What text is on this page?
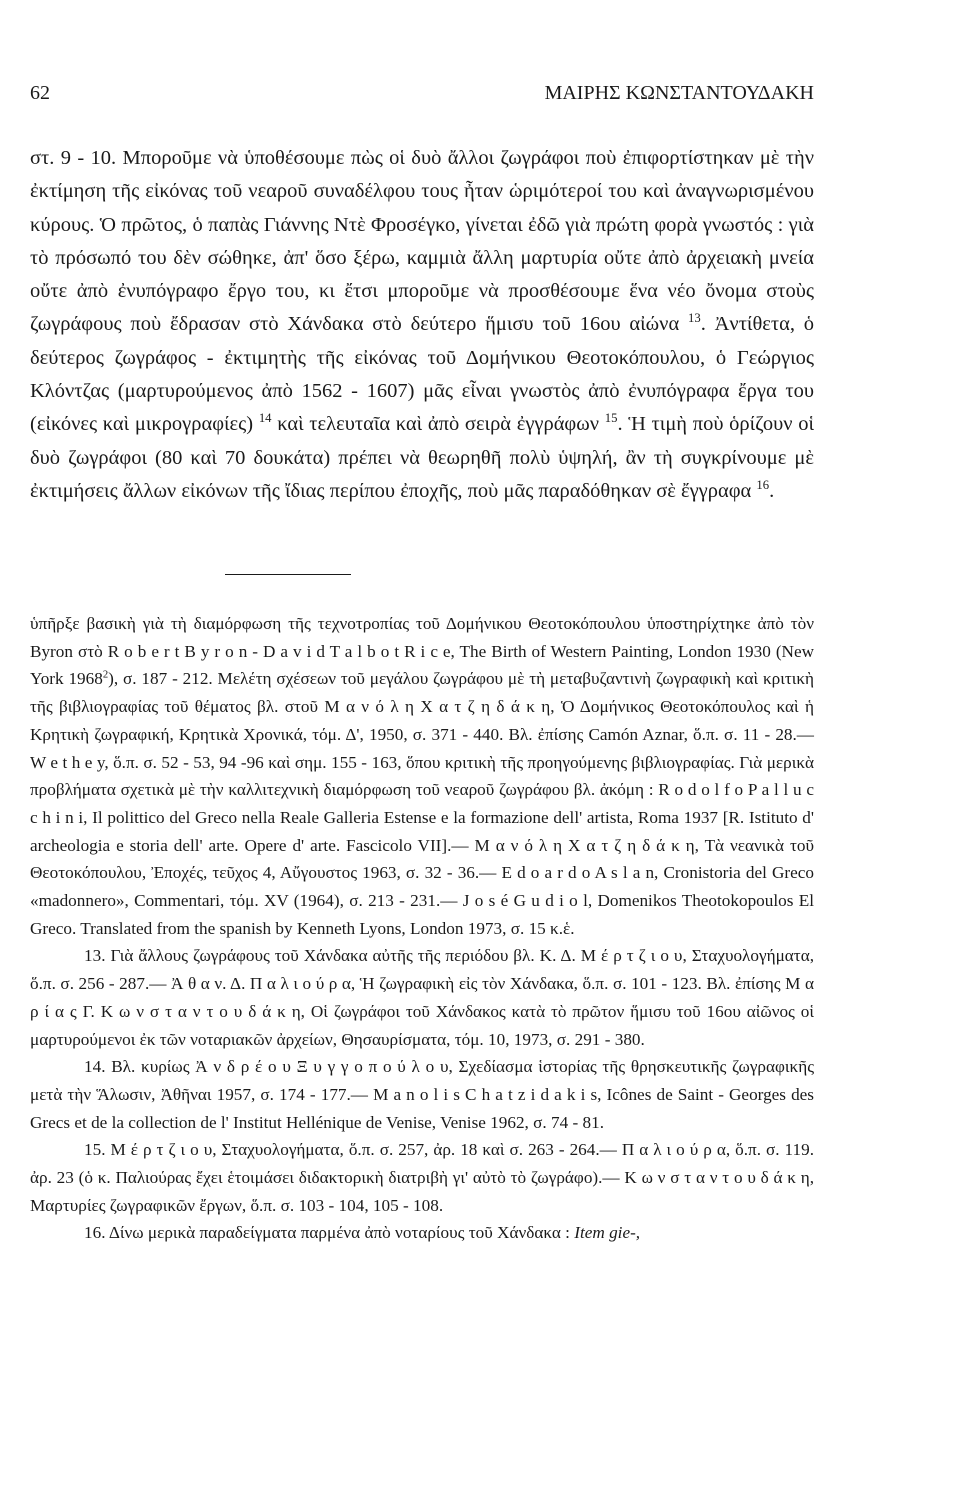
62	ΜΑΙΡΗΣ ΚΩΝΣΤΑΝΤΟΥΔΑΚΗ

στ. 9 - 10. Μποροῦμε νὰ ὑποθέσουμε πὼς οἱ δυὸ ἄλλοι ζωγράφοι ποὺ ἐπιφορτίστηκαν μὲ τὴν ἐκτίμηση τῆς εἰκόνας τοῦ νεαροῦ συναδέλφου τους ἦταν ὡριμότεροί του καὶ ἀναγνωρισμένου κύρους. Ὁ πρῶτος, ὁ παπὰς Γιάννης Ντὲ Φροσέγκο, γίνεται ἐδῶ γιὰ πρώτη φορὰ γνωστός : γιὰ τὸ πρόσωπό του δὲν σώθηκε, ἀπ' ὅσο ξέρω, καμμιὰ ἄλλη μαρτυρία οὔτε ἀπὸ ἀρχειακὴ μνεία οὔτε ἀπὸ ἐνυπόγραφο ἔργο του, κι ἔτσι μποροῦμε νὰ προσθέσουμε ἕνα νέο ὄνομα στοὺς ζωγράφους ποὺ ἔδρασαν στὸ Χάνδακα στὸ δεύτερο ἥμισυ τοῦ 16ου αἰώνα $^{13}$. Ἀντίθετα, ὁ δεύτερος ζωγράφος - ἐκτιμητὴς τῆς εἰκόνας τοῦ Δομήνικου Θεοτοκόπουλου, ὁ Γεώργιος Κλόντζας (μαρτυρούμενος ἀπὸ 1562 - 1607) μᾶς εἶναι γνωστὸς ἀπὸ ἐνυπόγραφα ἔργα του (εἰκόνες καὶ μικρογραφίες) $^{14}$ καὶ τελευταῖα καὶ ἀπὸ σειρὰ ἐγγράφων $^{15}$. Ἡ τιμὴ ποὺ ὁρίζουν οἱ δυὸ ζωγράφοι (80 καὶ 70 δουκάτα) πρέπει νὰ θεωρηθῆ πολὺ ὑψηλή, ἂν τὴ συγκρίνουμε μὲ ἐκτιμήσεις ἄλλων εἰκόνων τῆς ἴδιας περίπου ἐποχῆς, ποὺ μᾶς παραδόθηκαν σὲ ἔγγραφα $^{16}$.

ὑπῆρξε βασικὴ γιὰ τὴ διαμόρφωση τῆς τεχνοτροπίας τοῦ Δομήνικου Θεοτοκόπουλου ὑποστηρίχτηκε ἀπὸ τὸν Byron στὸ R o b e r t B y r o n - D a v i d T a l b o t R i c e, The Birth of Western Painting, London 1930 (New York 1968$^2$), σ. 187 - 212. Μελέτη σχέσεων τοῦ μεγάλου ζωγράφου μὲ τὴ μεταβυζαντινὴ ζωγραφικὴ καὶ κριτικὴ τῆς βιβλιογραφίας τοῦ θέματος βλ. στοῦ Μ α ν ό λ η Χ α τ ζ η δ ά κ η, Ὁ Δομήνικος Θεοτοκόπουλος καὶ ἡ Κρητικὴ ζωγραφική, Κρητικὰ Χρονικά, τόμ. Δ', 1950, σ. 371 - 440. Βλ. ἐπίσης Camón Aznar, ὅ.π. σ. 11 - 28.—W e t h e y, ὅ.π. σ. 52 - 53, 94 -96 καὶ σημ. 155 - 163, ὅπου κριτικὴ τῆς προηγούμενης βιβλιογραφίας. Γιὰ μερικὰ προβλήματα σχετικὰ μὲ τὴν καλλιτεχνικὴ διαμόρφωση τοῦ νεαροῦ ζωγράφου βλ. ἀκόμη : R o d o l f o P a l l u c c h i n i, Il polittico del Greco nella Reale Galleria Estense e la formazione dell' artista, Roma 1937 [R. Istituto d' archeologia e storia dell' arte. Opere d' arte. Fascicolo VII].— Μ α ν ό λ η Χ α τ ζ η δ ά κ η, Τὰ νεανικὰ τοῦ Θεοτοκόπουλου, Ἐποχές, τεῦχος 4, Αὔγουστος 1963, σ. 32 - 36.— E d o a r d o A s l a n, Cronistoria del Greco «madonnero», Commentari, τόμ. XV (1964), σ. 213 - 231.— J o s é G u d i o l, Domenikos Theotokopoulos El Greco. Translated from the spanish by Kenneth Lyons, London 1973, σ. 15 κ.ἑ.

13. Γιὰ ἄλλους ζωγράφους τοῦ Χάνδακα αὐτῆς τῆς περιόδου βλ. Κ. Δ. Μ έ ρ τ ζ ι ο υ, Σταχυολογήματα, ὅ.π. σ. 256 - 287.— Ἀ θ α ν. Δ. Π α λ ι ο ύ ρ α, Ἡ ζωγραφικὴ εἰς τὸν Χάνδακα, ὅ.π. σ. 101 - 123. Βλ. ἐπίσης Μ α ρ ί α ς Γ. Κ ω ν σ τ α ν τ ο υ δ ά κ η, Οἱ ζωγράφοι τοῦ Χάνδακος κατὰ τὸ πρῶτον ἥμισυ τοῦ 16ου αἰῶνος οἱ μαρτυρούμενοι ἐκ τῶν νοταριακῶν ἀρχείων, Θησαυρίσματα, τόμ. 10, 1973, σ. 291 - 380.

14. Βλ. κυρίως Ἀ ν δ ρ έ ο υ Ξ υ γ γ ο π ο ύ λ ο υ, Σχεδίασμα ἱστορίας τῆς θρησκευτικῆς ζωγραφικῆς μετὰ τὴν Ἅλωσιν, Ἀθῆναι 1957, σ. 174 - 177.— M a n o l i s C h a t z i d a k i s, Icônes de Saint - Georges des Grecs et de la collection de l' Institut Hellénique de Venise, Venise 1962, σ. 74 - 81.

15. Μ έ ρ τ ζ ι ο υ, Σταχυολογήματα, ὅ.π. σ. 257, ἀρ. 18 καὶ σ. 263 - 264.— Π α λ ι ο ύ ρ α, ὅ.π. σ. 119. ἀρ. 23 (ὁ κ. Παλιούρας ἔχει ἑτοιμάσει διδακτορικὴ διατριβὴ γι' αὐτὸ τὸ ζωγράφο).— Κ ω ν σ τ α ν τ ο υ δ ά κ η, Μαρτυρίες ζωγραφικῶν ἔργων, ὅ.π. σ. 103 - 104, 105 - 108.

16. Δίνω μερικὰ παραδείγματα παρμένα ἀπὸ νοταρίους τοῦ Χάνδακα : Item gie-,
